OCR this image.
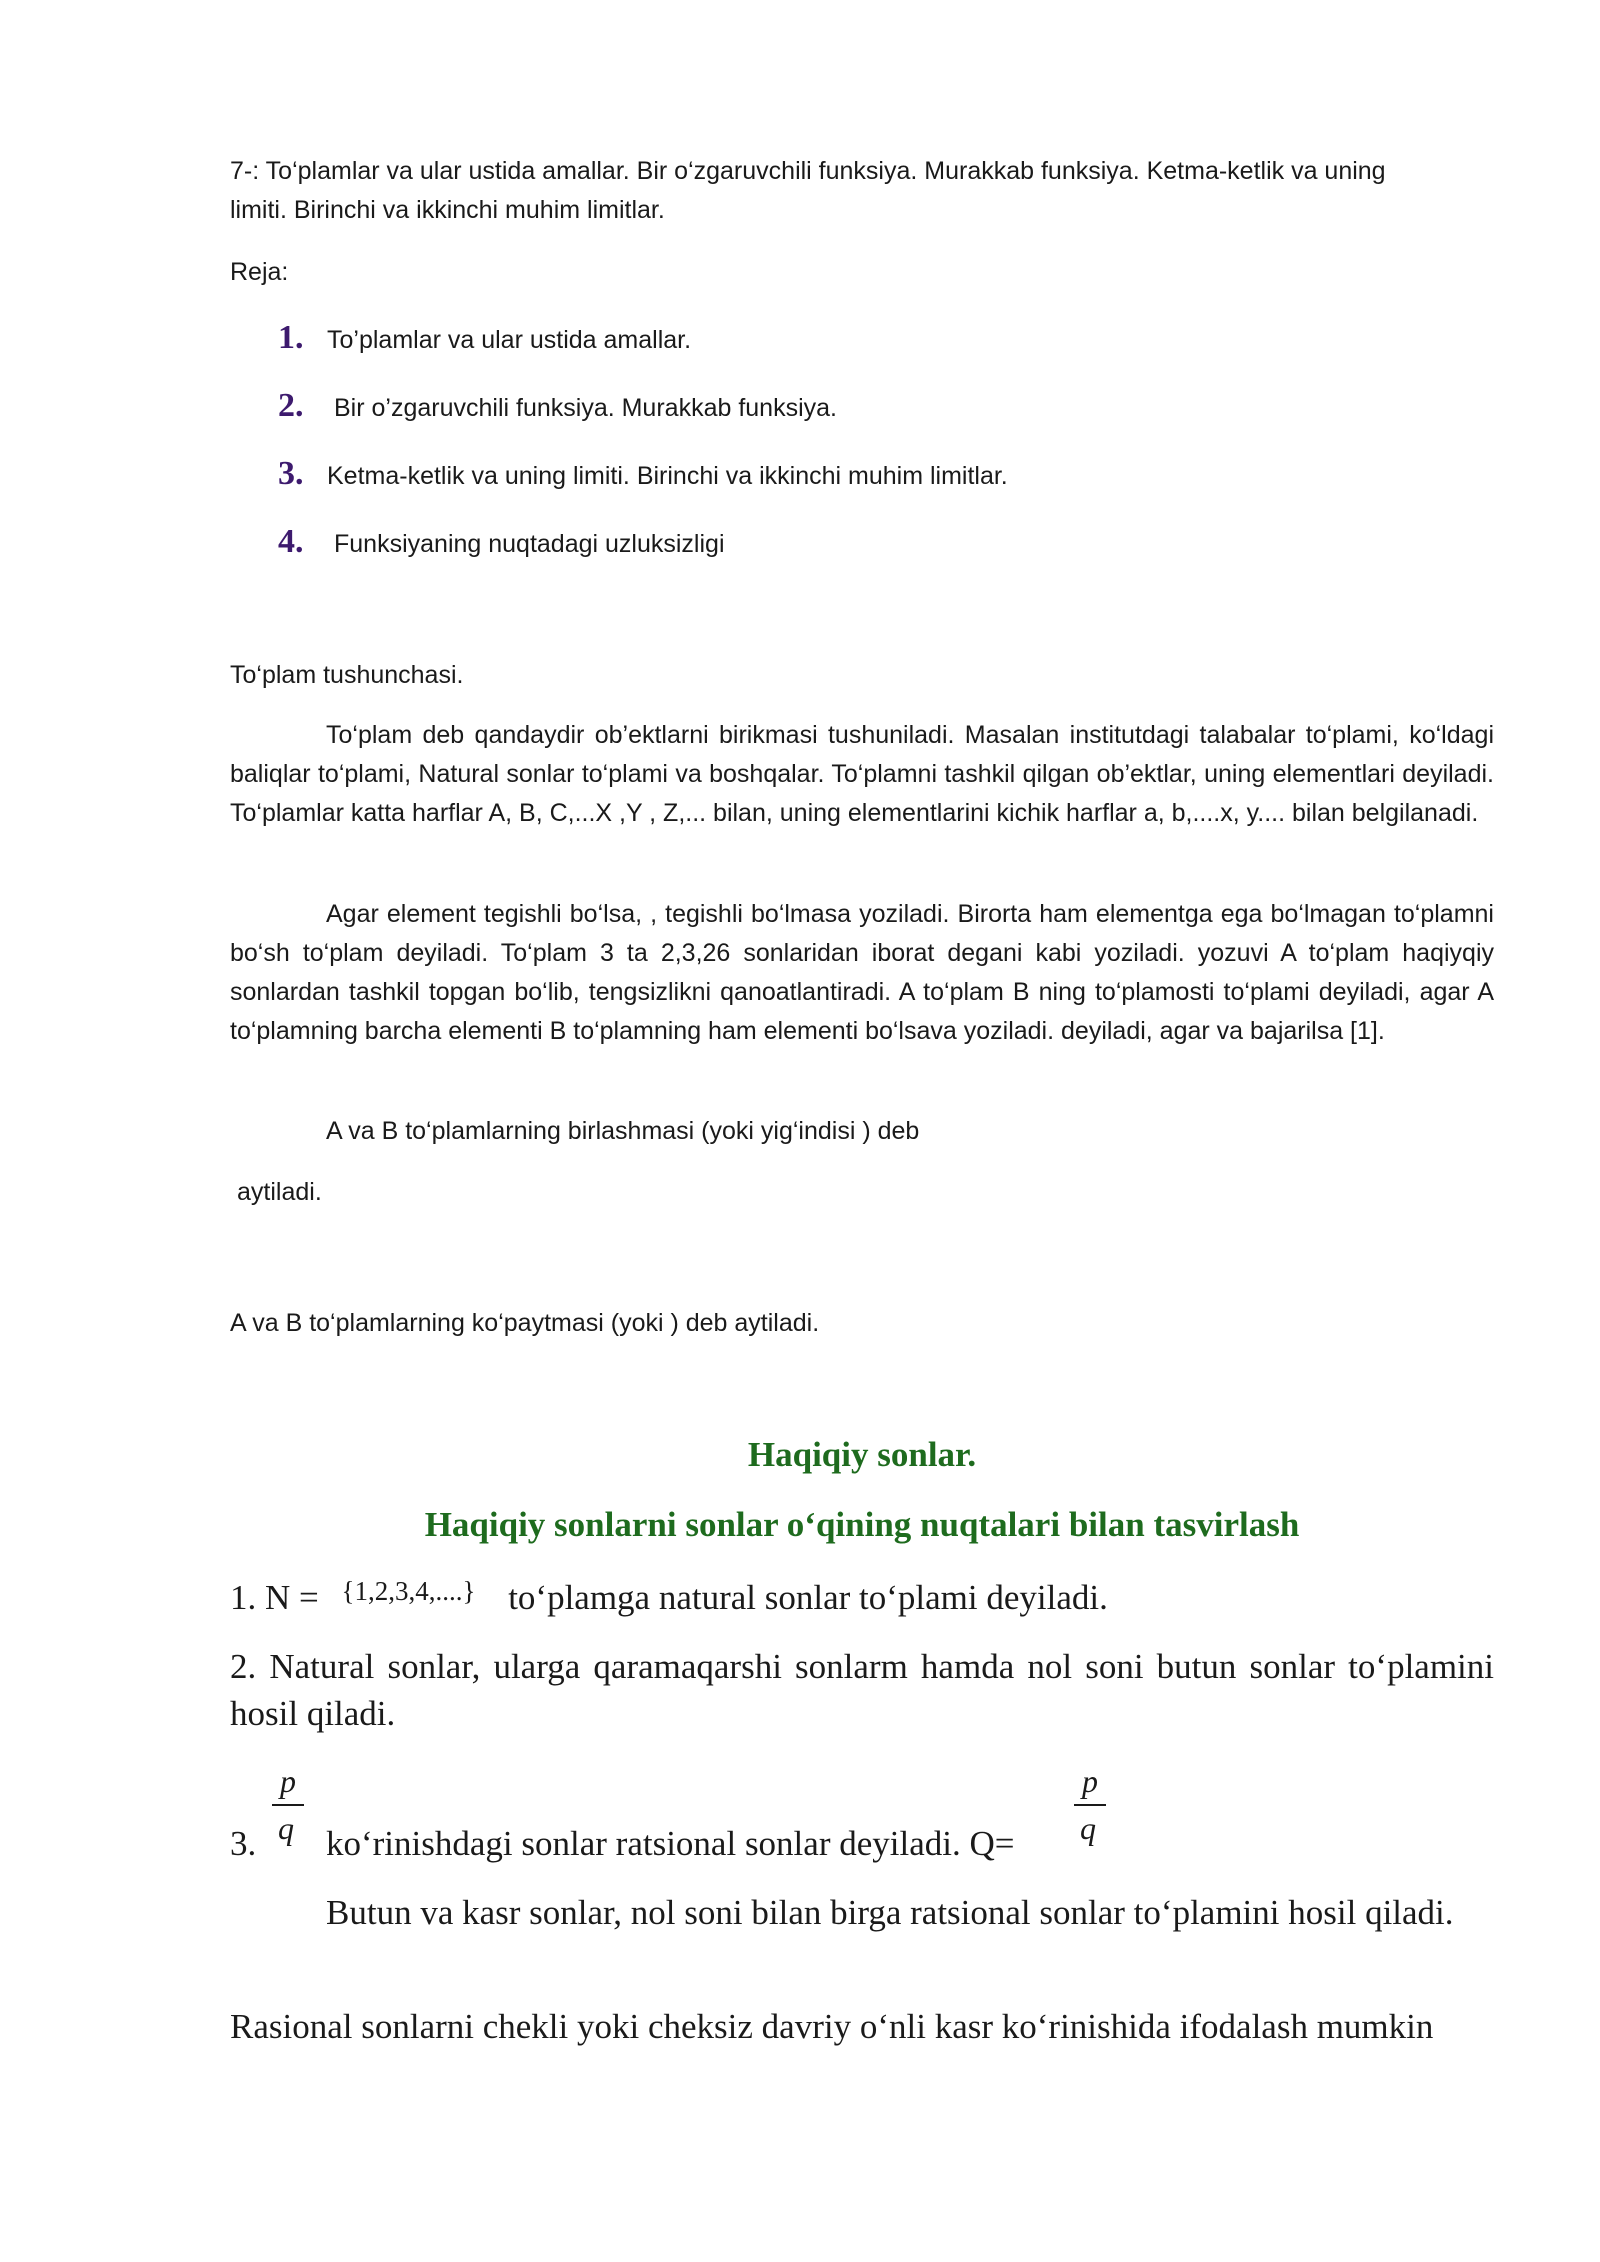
7-: To‘plamlar va ular ustida amallar. Bir o‘zgaruvchili funksiya. Murakkab funksiya. Ketma-ketlik va uning
limiti. Birinchi va ikkinchi muhim limitlar.
Reja:
1. To’plamlar va ular ustida amallar.
2. Bir o’zgaruvchili funksiya. Murakkab funksiya.
3. Ketma-ketlik va uning limiti. Birinchi va ikkinchi muhim limitlar.
4. Funksiyaning nuqtadagi uzluksizligi
To‘plam tushunchasi.

To‘plam deb qandaydir ob’ektlarni birikmasi tushuniladi. Masalan institutdagi talabalar to‘plami, ko‘ldagi baliqlar to‘plami, Natural sonlar to‘plami va boshqalar. To‘plamni tashkil qilgan ob’ektlar, uning elementlari deyiladi. To‘plamlar katta harflar A, B, C,...X ,Y , Z,... bilan, uning elementlarini kichik harflar a, b,....x, y.... bilan belgilanadi.

Agar element tegishli bo‘lsa, , tegishli bo‘lmasa yoziladi. Birorta ham elementga ega bo‘lmagan to‘plamni bo‘sh to‘plam deyiladi. To‘plam 3 ta 2,3,26 sonlaridan iborat degani kabi yoziladi. yozuvi A to‘plam haqiyqiy sonlardan tashkil topgan bo‘lib, tengsizlikni qanoatlantiradi. A to‘plam B ning to‘plamosti to‘plami deyiladi, agar A to‘plamning barcha elementi B to‘plamning ham elementi bo‘lsava yoziladi. deyiladi, agar va bajarilsa [1].

A va B to‘plamlarning birlashmasi (yoki yig‘indisi ) deb

aytiladi.

A va B to‘plamlarning ko‘paytmasi (yoki ) deb aytiladi.

Haqiqiy sonlar.
Haqiqiy sonlarni sonlar o‘qining nuqtalari bilan tasvirlash
1. N = $^{\{1,2,3,4,....\}}$ to‘plamga natural sonlar to‘plami deyiladi.

2. Natural sonlar, ularga qaramaqarshi sonlarm hamda nol soni butun sonlar to‘plamini hosil qiladi.

3.
p
q ko‘rinishdagi sonlar ratsional sonlar deyiladi. Q=
p
q

Butun va kasr sonlar, nol soni bilan birga ratsional sonlar to‘plamini hosil qiladi.

Rasional sonlarni chekli yoki cheksiz davriy o‘nli kasr ko‘rinishida ifodalash mumkin
